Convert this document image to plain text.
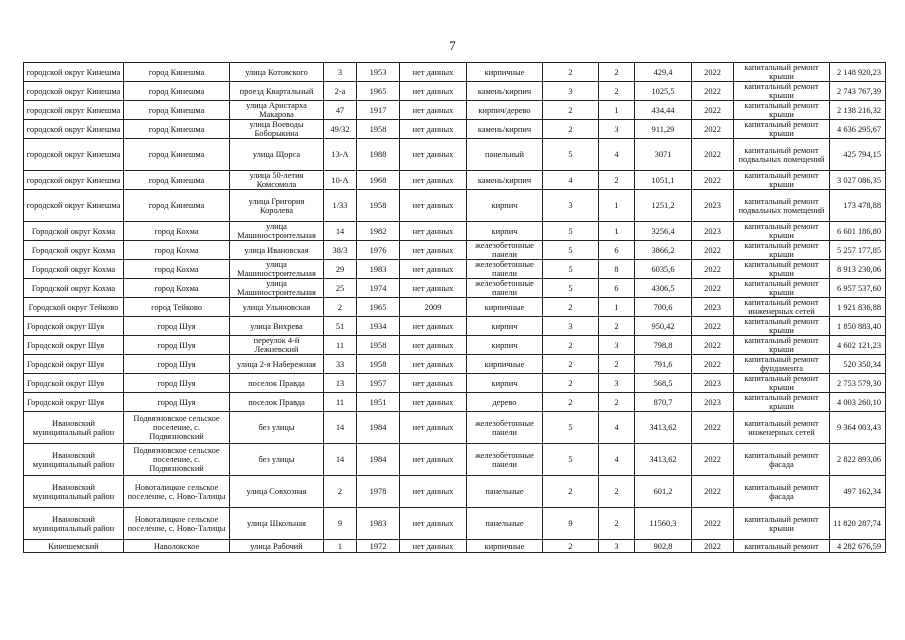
7
городской округ Кинешма	город Кинешма	улица Котовского	3	1953	нет данных	кирпичные	2	2	429,4	2022	капитальный ремонт крыши	2 148 920,23
городской округ Кинешма	город Кинешма	проезд Квартальный	2-а	1965	нет данных	камень/кирпич	3	2	1025,5	2022	капитальный ремонт крыши	2 743 767,39
городской округ Кинешма	город Кинешма	улица Аристарха Макарова	47	1917	нет данных	кирпич/дерево	2	1	434,44	2022	капитальный ремонт крыши	2 138 216,32
городской округ Кинешма	город Кинешма	улица Воеводы Боборыкина	49/32	1958	нет данных	камень/кирпич	2	3	911,29	2022	капитальный ремонт крыши	4 636 295,67
городской округ Кинешма	город Кинешма	улица Щорса	13-А	1988	нет данных	панельный	5	4	3071	2022	капитальный ремонт подвальных помещений	425 794,15
городской округ Кинешма	город Кинешма	улица 50-летия Комсомола	10-А	1968	нет данных	камень/кирпич	4	2	1051,1	2022	капитальный ремонт крыши	3 027 086,35
городской округ Кинешма	город Кинешма	улица Григория Королева	1/33	1958	нет данных	кирпич	3	1	1251,2	2023	капитальный ремонт подвальных помещений	173 478,88
Городской округ Кохма	город Кохма	улица Машиностроительная	14	1982	нет данных	кирпич	5	1	3256,4	2023	капитальный ремонт крыши	6 601 186,80
Городской округ Кохма	город Кохма	улица Ивановская	38/3	1976	нет данных	железобетонные панели	5	6	3866,2	2022	капитальный ремонт крыши	5 257 177,85
Городской округ Кохма	город Кохма	улица Машиностроительная	29	1983	нет данных	железобетонные панели	5	8	6035,6	2022	капитальный ремонт крыши	8 913 230,06
Городской округ Кохма	город Кохма	улица Машиностроительная	25	1974	нет данных	железобетонные панели	5	6	4306,5	2022	капитальный ремонт крыши	6 957 537,60
Городской округ Тейково	город Тейково	улица Ульяновская	2	1965	2009	кирпичные	2	1	700,6	2023	капитальный ремонт инженерных сетей	1 921 836,88
Городской округ Шуя	город Шуя	улица Вихрева	51	1934	нет данных	кирпич	3	2	950,42	2022	капитальный ремонт крыши	1 850 883,40
Городской округ Шуя	город Шуя	переулок 4-й Лежневский	11	1958	нет данных	кирпич	2	3	798,8	2022	капитальный ремонт крыши	4 602 121,23
Городской округ Шуя	город Шуя	улица 2-я Набережная	33	1958	нет данных	кирпичные	2	2	791,6	2022	капитальный ремонт фундамента	520 350,34
Городской округ Шуя	город Шуя	поселок Правда	13	1957	нет данных	кирпич	2	3	568,5	2023	капитальный ремонт крыши	2 753 579,30
Городской округ Шуя	город Шуя	поселок Правда	11	1951	нет данных	дерево	2	2	870,7	2023	капитальный ремонт крыши	4 003 260,10
Ивановский муниципальный район	Подвязновское сельское поселение, с. Подвязновский	без улицы	14	1984	нет данных	железобетонные панели	5	4	3413,62	2022	капитальный ремонт инженерных сетей	9 364 003,43
Ивановский муниципальный район	Подвязновское сельское поселение, с. Подвязновский	без улицы	14	1984	нет данных	железобетонные панели	5	4	3413,62	2022	капитальный ремонт фасада	2 822 893,06
Ивановский муниципальный район	Новоталицкое сельское поселение, с. Ново-Талицы	улица Совхозная	2	1978	нет данных	панельные	2	2	601,2	2022	капитальный ремонт фасада	497 162,34
Ивановский муниципальный район	Новоталицкое сельское поселение, с. Ново-Талицы	улица Школьная	9	1983	нет данных	панельные	9	2	11560,3	2022	капитальный ремонт крыши	11 820 287,74
Кинешемский	Наволокское	улица Рабочий	1	1972	нет данных	кирпичные	2	3	902,8	2022	капитальный ремонт	4 282 676,59
